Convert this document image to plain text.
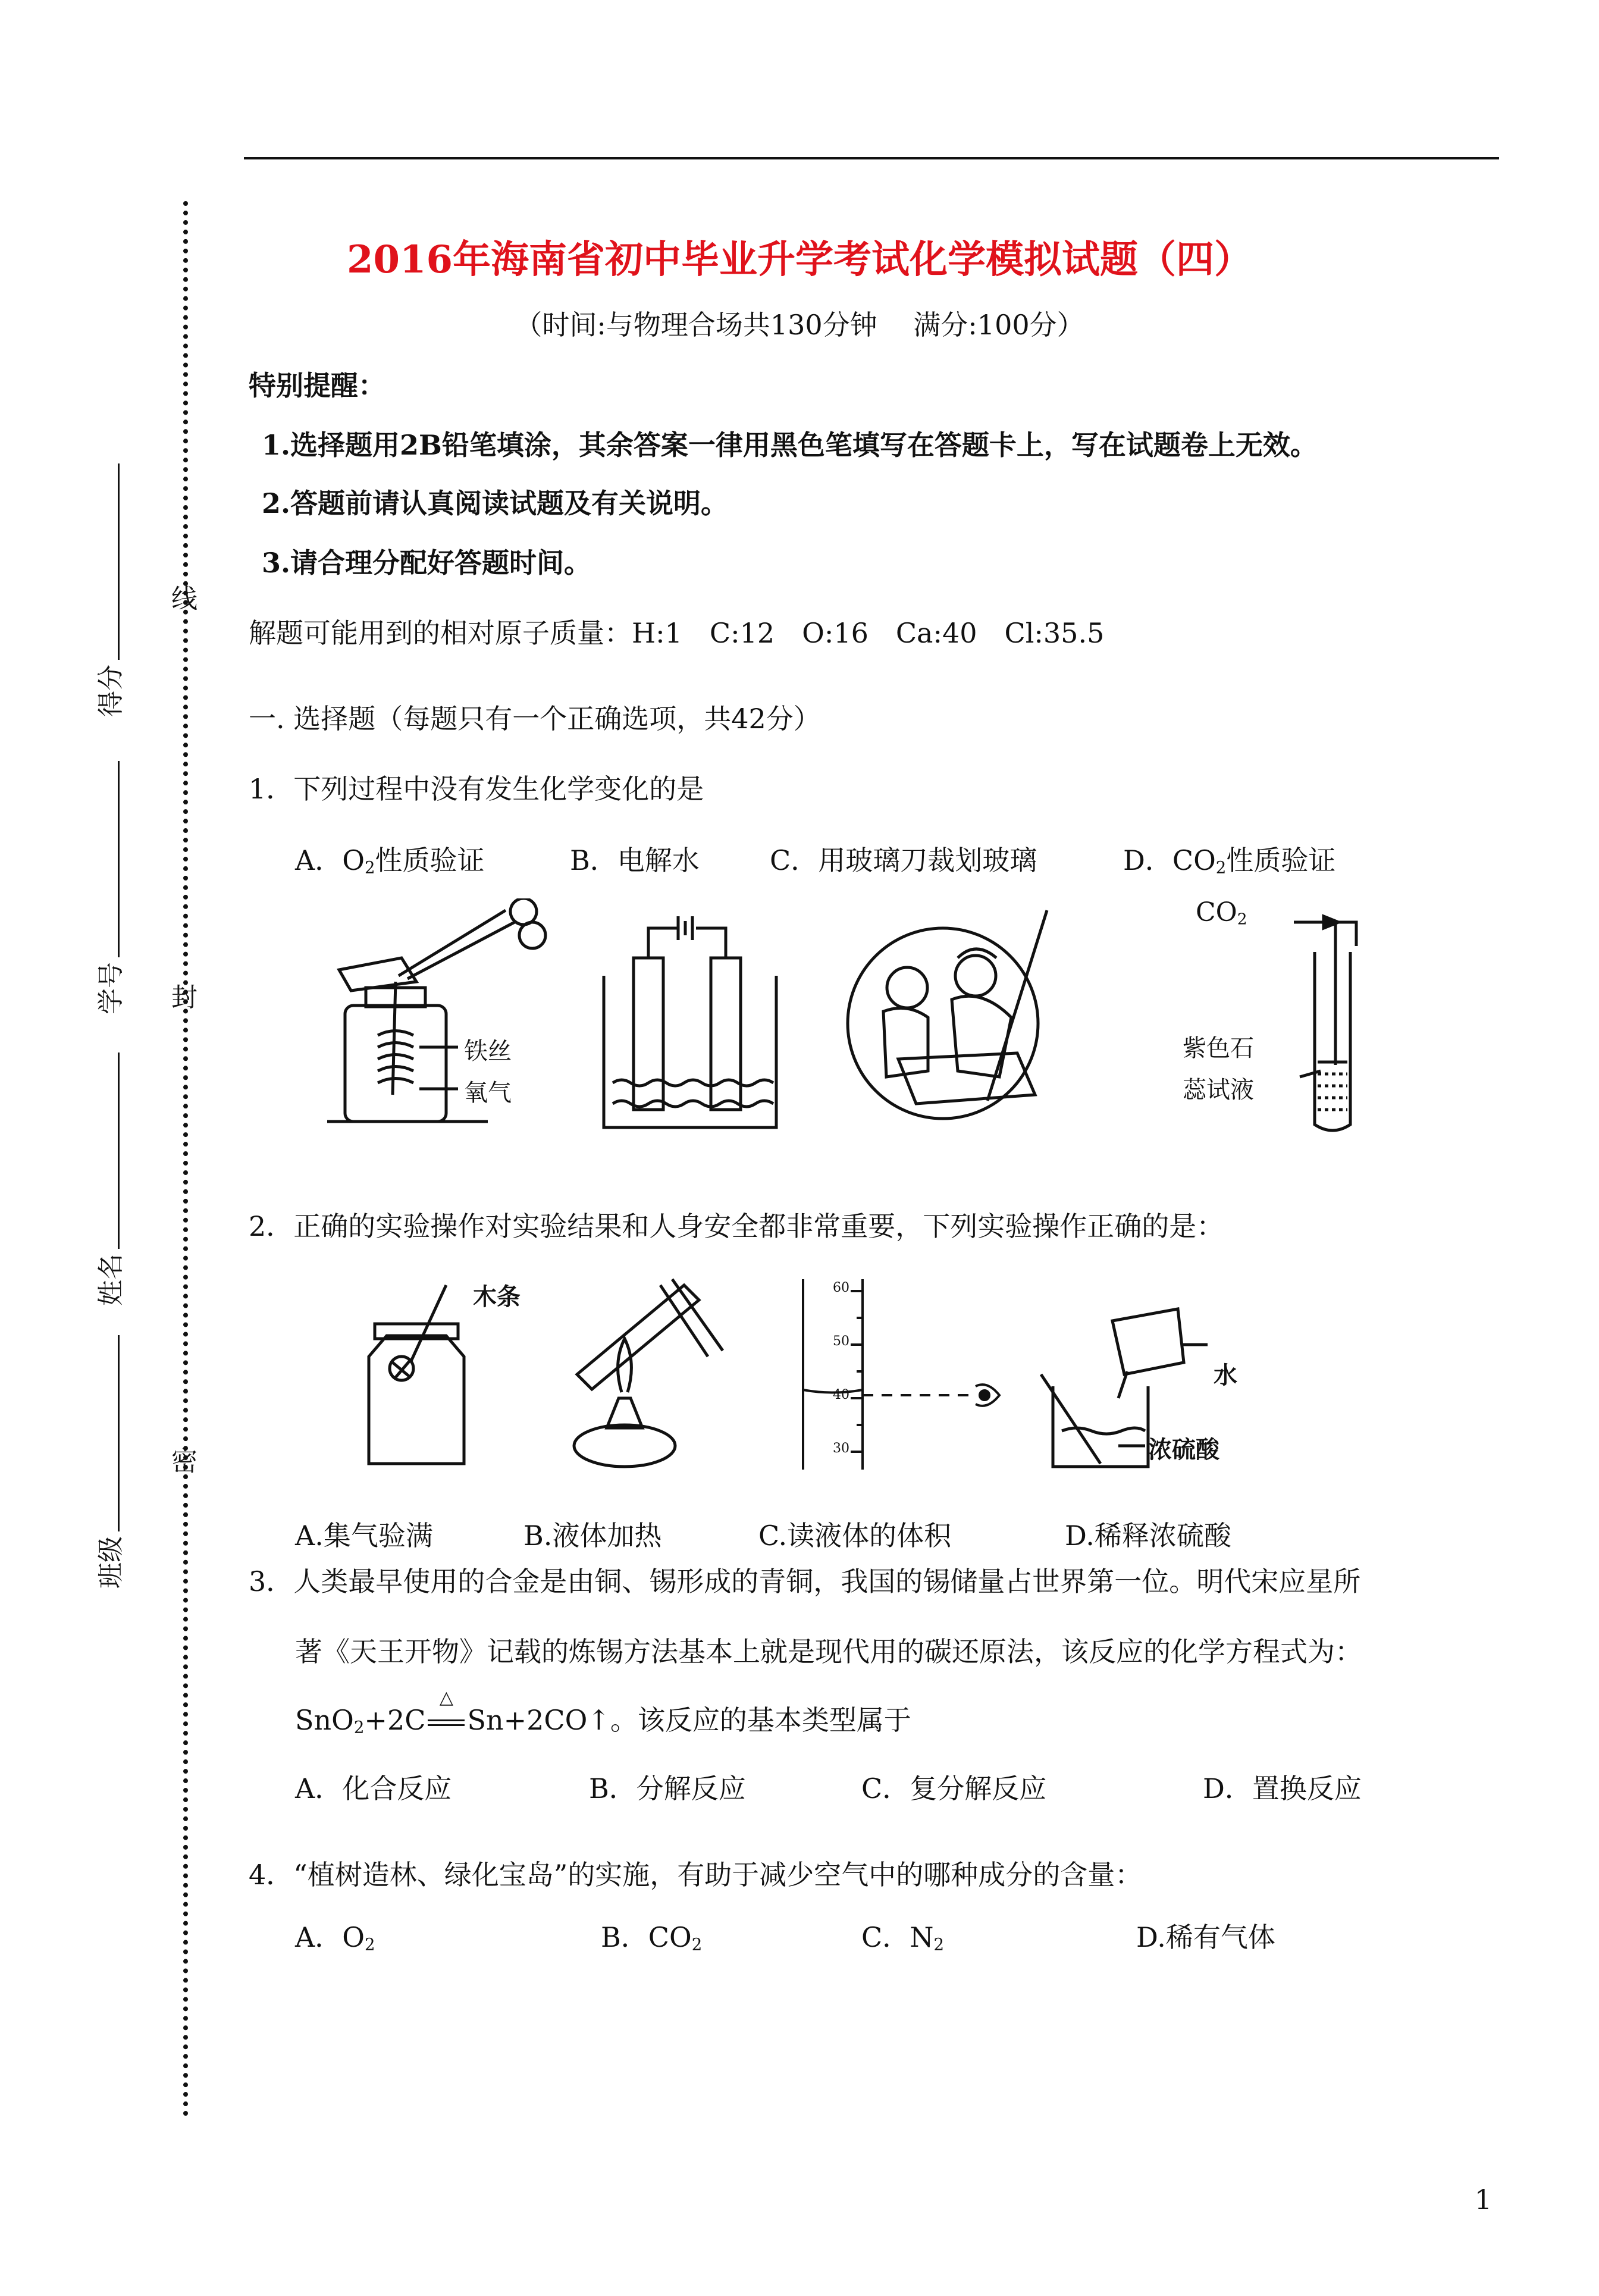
线
封
密
得分
学号
姓名
班级
2016年海南省初中毕业升学考试化学模拟试题（四）
（时间:与物理合场共130分钟　 满分:100分）
特别提醒：
1.选择题用2B铅笔填涂，其余答案一律用黑色笔填写在答题卡上，写在试题卷上无效。
2.答题前请认真阅读试题及有关说明。
3.请合理分配好答题时间。
解题可能用到的相对原子质量：H:1　C:12　O:16　Ca:40　Cl:35.5
一. 选择题（每题只有一个正确选项，共42分）
1．下列过程中没有发生化学变化的是
A．$O_2$性质验证	B．电解水	C．用玻璃刀裁划玻璃	D．$CO_2$性质验证
铁丝
氧气
$CO_2$
紫色石
蕊试液
2．正确的实验操作对实验结果和人身安全都非常重要，下列实验操作正确的是：
木条	60
50
40
30
水
浓硫酸
A.集气验满	B.液体加热	C.读液体的体积	D.稀释浓硫酸
3．人类最早使用的合金是由铜、锡形成的青铜，我国的锡储量占世界第一位。明代宋应星所
著《天王开物》记载的炼锡方法基本上就是现代用的碳还原法，该反应的化学方程式为：
SnO$_2$+2C
△
Sn+2CO↑。该反应的基本类型属于
A．化合反应	B．分解反应	C．复分解反应	D．置换反应
4．“植树造林、绿化宝岛”的实施，有助于减少空气中的哪种成分的含量：
A．$O_2$	B．$CO_2$	C．$N_2$	D.稀有气体
1
